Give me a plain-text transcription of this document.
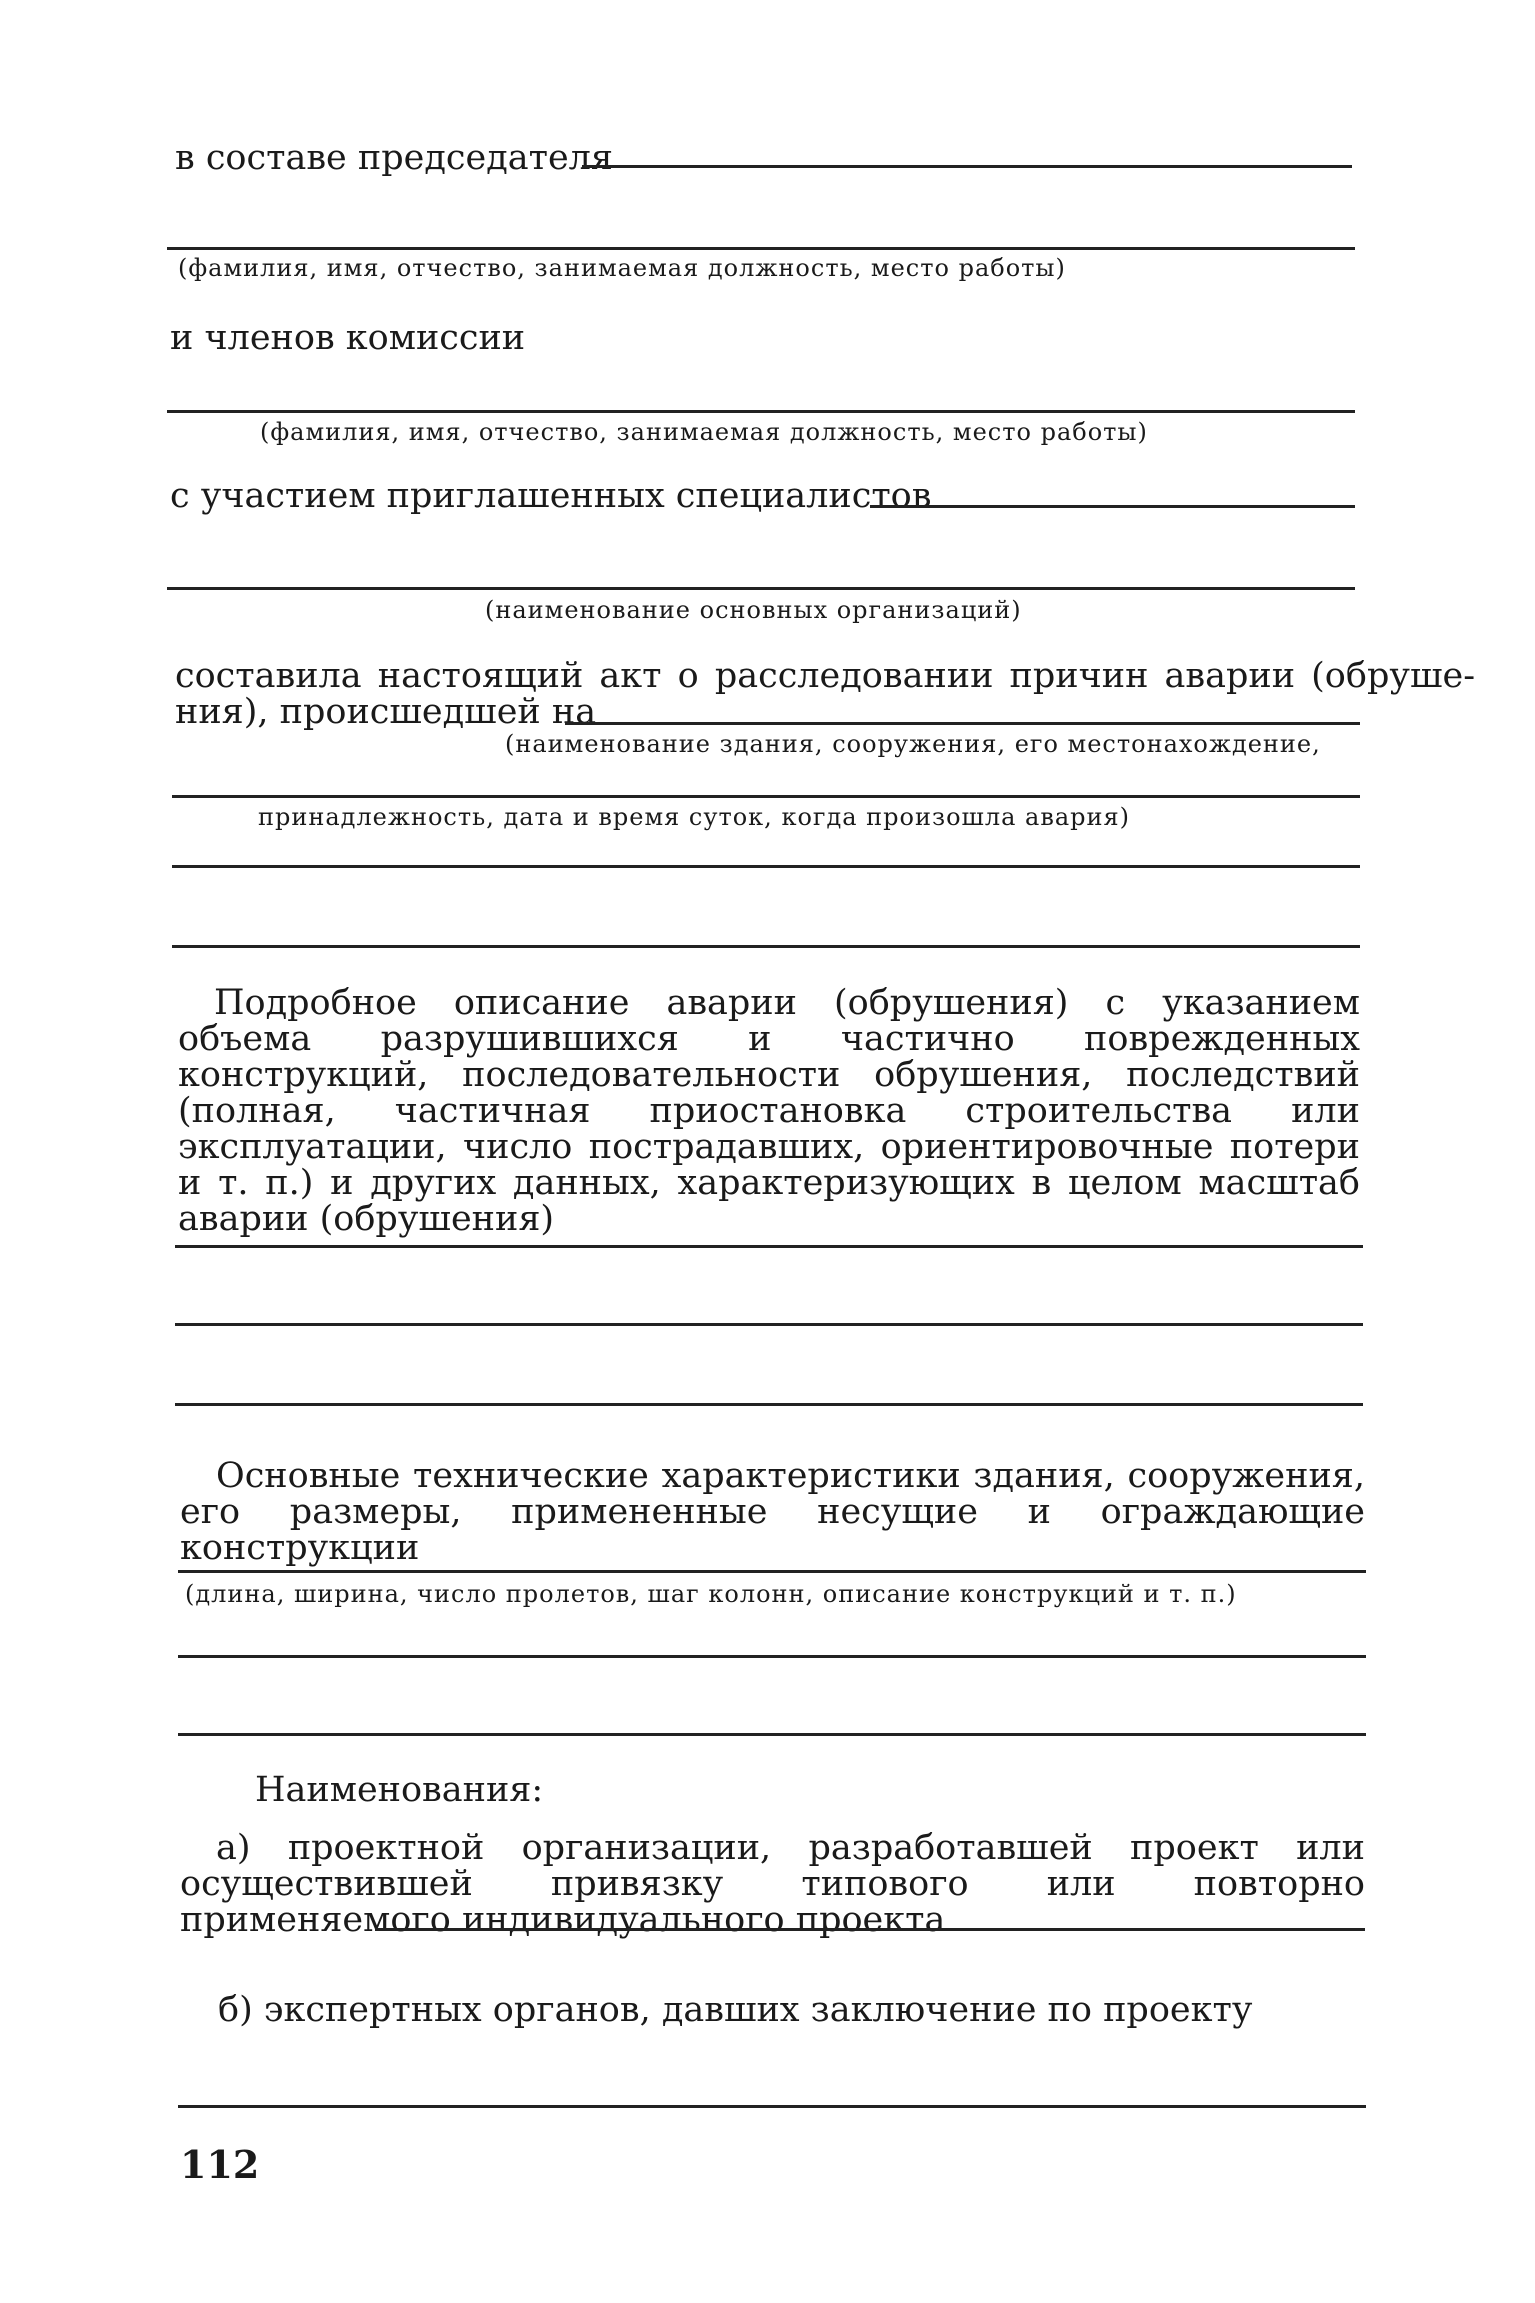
в составе председателя
(фамилия, имя, отчество, занимаемая должность, место работы)
и членов комиссии
(фамилия, имя, отчество, занимаемая должность, место работы)
с участием приглашенных специалистов
(наименование основных организаций)
составила настоящий акт о расследовании причин аварии (обруше-
ния), происшедшей на
(наименование здания, сооружения, его местонахождение,
принадлежность, дата и время суток, когда произошла авария)
Подробное описание аварии (обрушения) с указанием объема разрушившихся и частично поврежденных конструкций, последовательности обрушения, последствий (полная, частичная приостановка строительства или эксплуатации, число пострадавших, ориентировочные потери и т. п.) и других данных, характеризующих в целом масштаб аварии (обрушения)
Основные технические характеристики здания, сооружения, его размеры, примененные несущие и ограждающие конструкции
(длина, ширина, число пролетов, шаг колонн, описание конструкций и т. п.)
Наименования:
а) проектной организации, разработавшей проект или осуществившей привязку типового или повторно применяемого индивидуального проекта
б) экспертных органов, давших заключение по проекту
112
